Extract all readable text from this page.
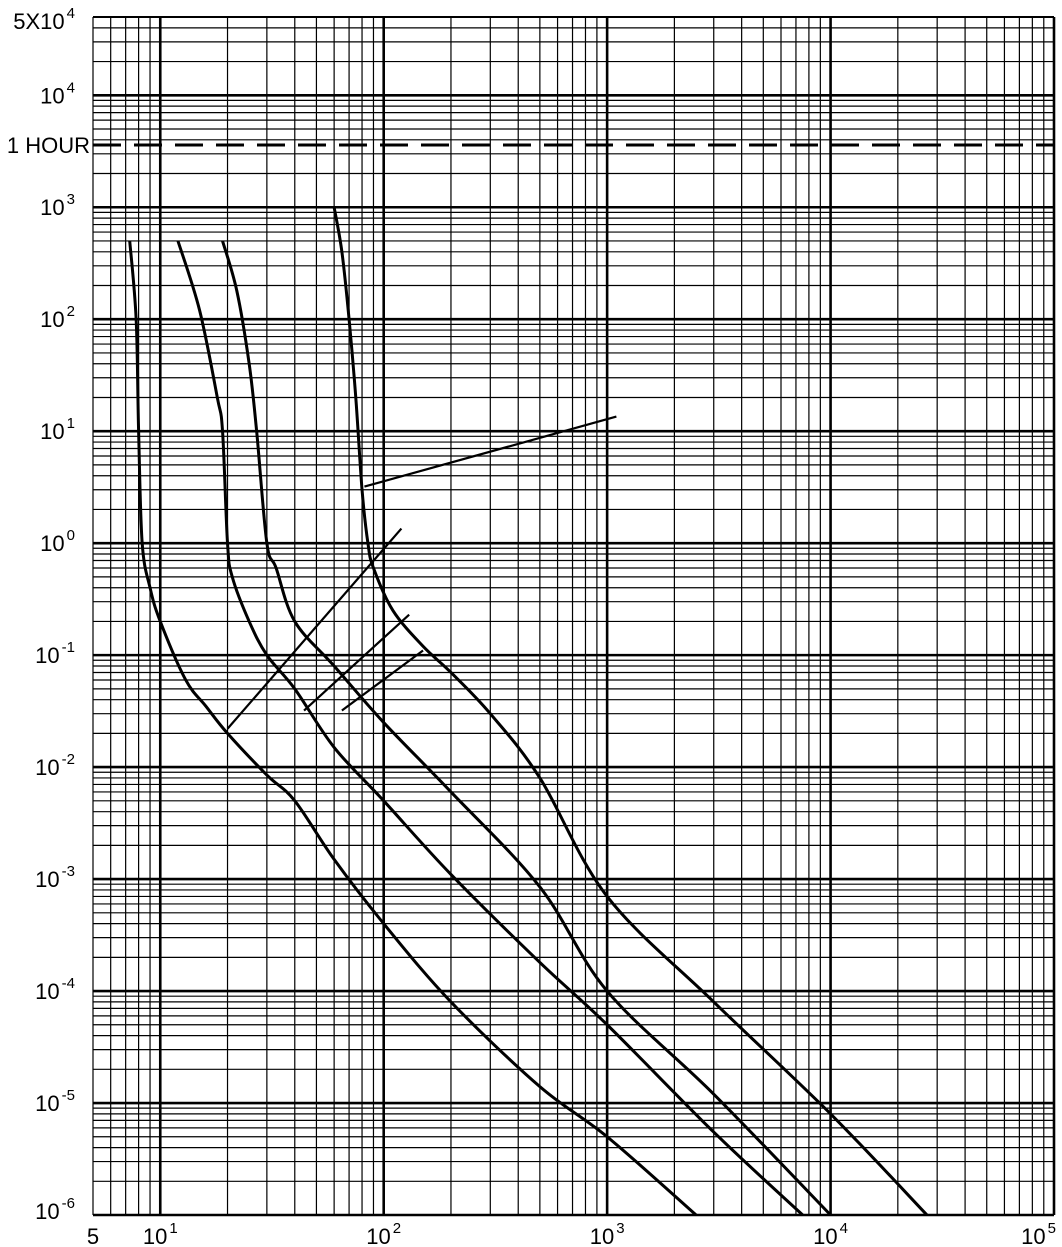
1 HOUR
5 10 $^1$	10 $^2$	10 $^3$	10 $^4$	10 $^5$
5X10 $^4$
10 $^4$
10 $^3$
10 $^2$
10 $^1$
10 $^0$
10 $^{-1}$
10 $^{-2}$
10 $^{-3}$
10 $^{-4}$
10 $^{-5}$
10 $^{-6}$
